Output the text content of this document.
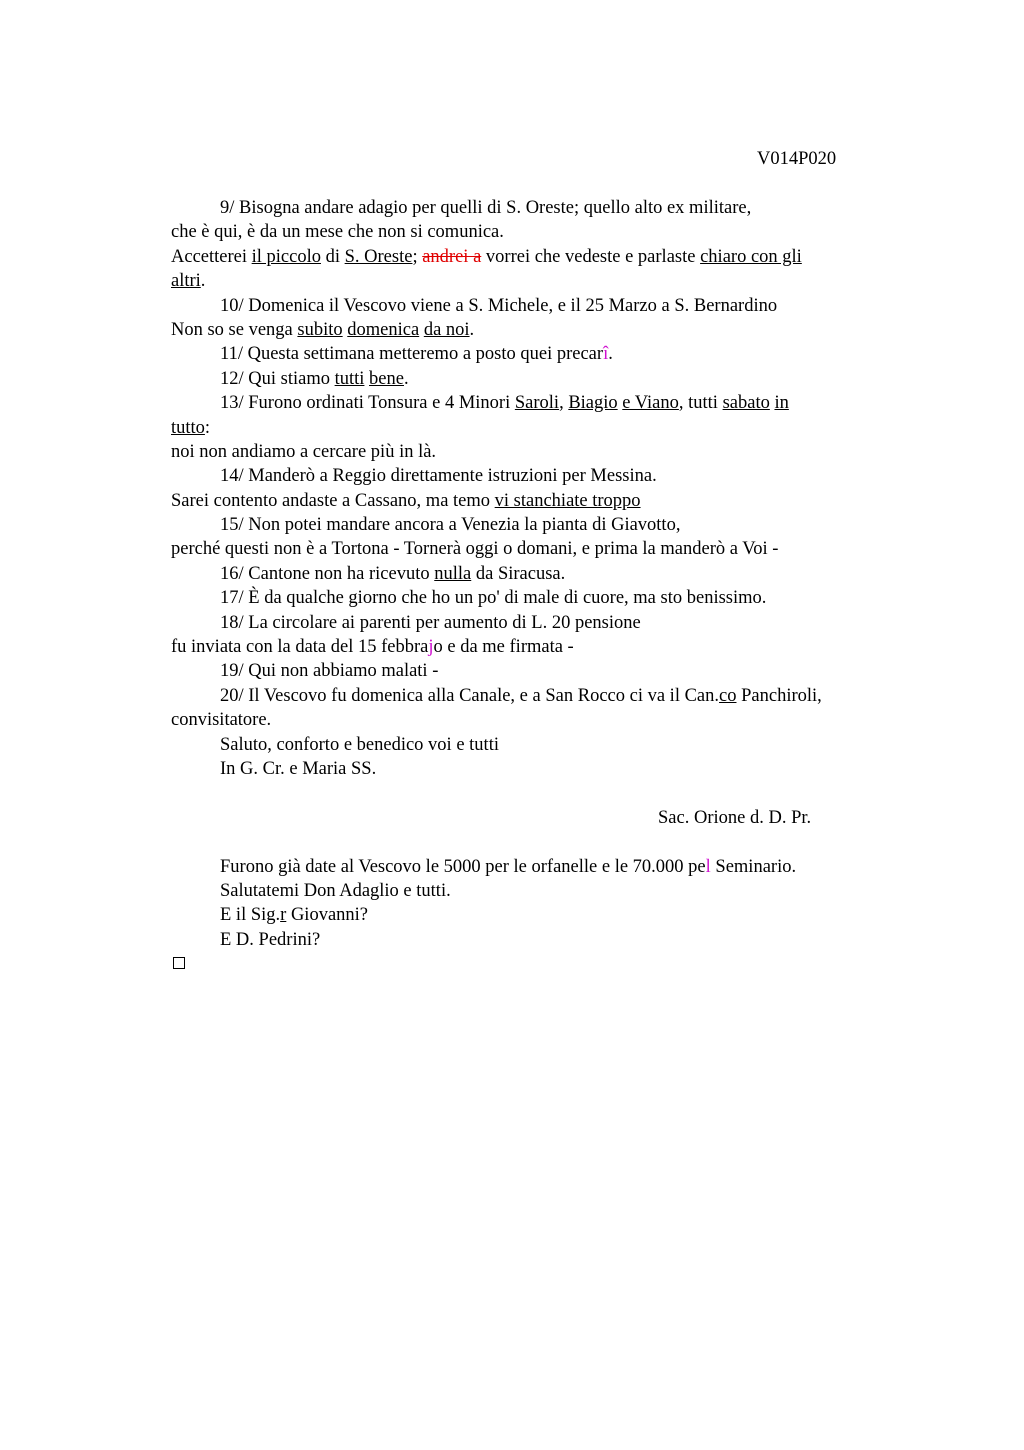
V014P020
9/ Bisogna andare adagio per quelli di S. Oreste; quello alto ex militare,
che è qui, è da un mese che non si comunica.
Accetterei il piccolo di S. Oreste; andrei a vorrei che vedeste e parlaste chiaro con gli
altri.
10/ Domenica il Vescovo viene a S. Michele, e il 25 Marzo a S. Bernardino
Non so se venga subito domenica da noi.
11/ Questa settimana metteremo a posto quei precarî.
12/ Qui stiamo tutti bene.
13/ Furono ordinati Tonsura e 4 Minori Saroli, Biagio e Viano, tutti sabato in
tutto:
noi non andiamo a cercare più in là.
14/ Manderò a Reggio direttamente istruzioni per Messina.
Sarei contento andaste a Cassano, ma temo vi stanchiate troppo
15/ Non potei mandare ancora a Venezia la pianta di Giavotto,
perché questi non è a Tortona - Tornerà oggi o domani, e prima la manderò a Voi -
16/ Cantone non ha ricevuto nulla da Siracusa.
17/ È da qualche giorno che ho un po' di male di cuore, ma sto benissimo.
18/ La circolare ai parenti per aumento di L. 20 pensione
fu inviata con la data del 15 febbrajo e da me firmata -
19/ Qui non abbiamo malati -
20/ Il Vescovo fu domenica alla Canale, e a San Rocco ci va il Can.co Panchiroli,
convisitatore.
Saluto, conforto e benedico voi e tutti
In G. Cr. e Maria SS.
Sac. Orione d. D. Pr.
Furono già date al Vescovo le 5000 per le orfanelle e le 70.000 pel Seminario.
Salutatemi Don Adaglio e tutti.
E il Sig.r Giovanni?
E D. Pedrini?
